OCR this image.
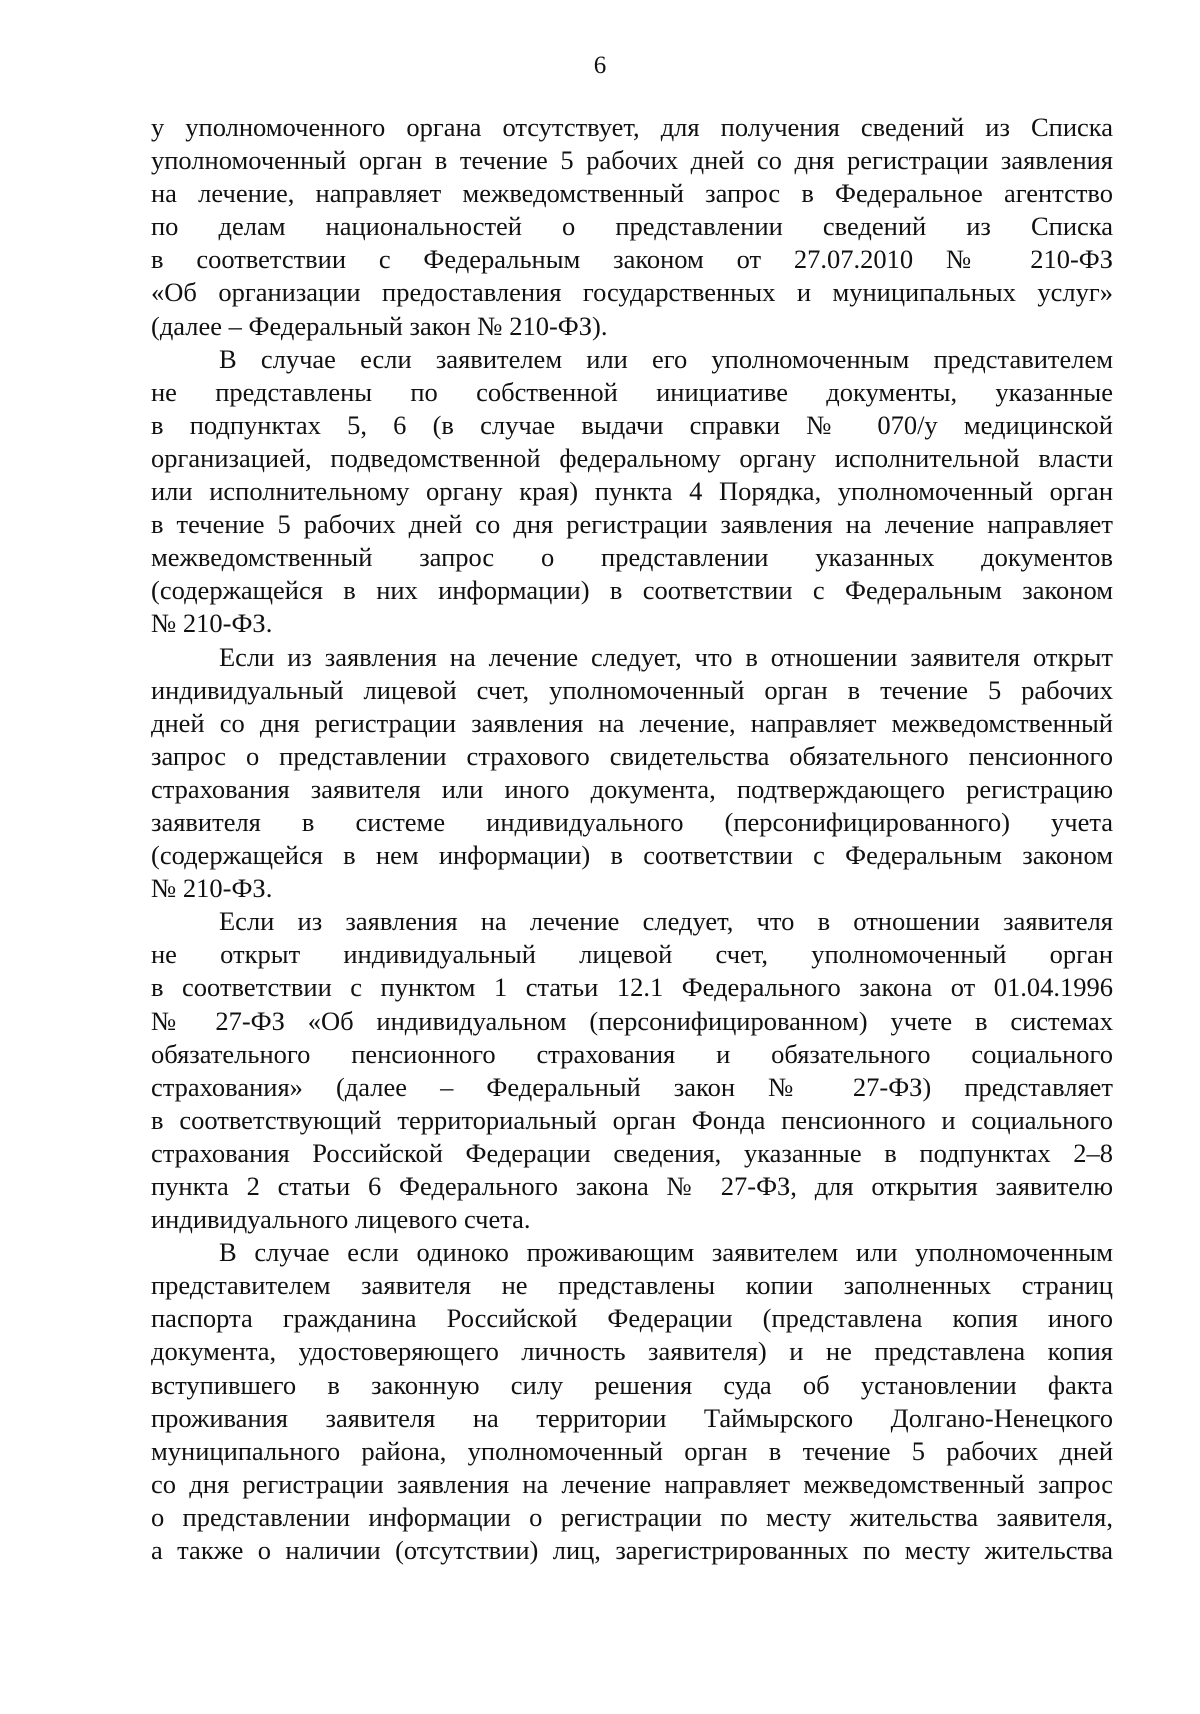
6
у уполномоченного органа отсутствует, для получения сведений из Списка
уполномоченный орган в течение 5 рабочих дней со дня регистрации заявления
на лечение, направляет межведомственный запрос в Федеральное агентство
по делам национальностей о представлении сведений из Списка
в соответствии с Федеральным законом от 27.07.2010 № 210-ФЗ
«Об организации предоставления государственных и муниципальных услуг»
(далее – Федеральный закон № 210-ФЗ).
В случае если заявителем или его уполномоченным представителем
не представлены по собственной инициативе документы, указанные
в подпунктах 5, 6 (в случае выдачи справки № 070/у медицинской
организацией, подведомственной федеральному органу исполнительной власти
или исполнительному органу края) пункта 4 Порядка, уполномоченный орган
в течение 5 рабочих дней со дня регистрации заявления на лечение направляет
межведомственный запрос о представлении указанных документов
(содержащейся в них информации) в соответствии с Федеральным законом
№ 210-ФЗ.
Если из заявления на лечение следует, что в отношении заявителя открыт
индивидуальный лицевой счет, уполномоченный орган в течение 5 рабочих
дней со дня регистрации заявления на лечение, направляет межведомственный
запрос о представлении страхового свидетельства обязательного пенсионного
страхования заявителя или иного документа, подтверждающего регистрацию
заявителя в системе индивидуального (персонифицированного) учета
(содержащейся в нем информации) в соответствии с Федеральным законом
№ 210-ФЗ.
Если из заявления на лечение следует, что в отношении заявителя
не открыт индивидуальный лицевой счет, уполномоченный орган
в соответствии с пунктом 1 статьи 12.1 Федерального закона от 01.04.1996
№ 27-ФЗ «Об индивидуальном (персонифицированном) учете в системах
обязательного пенсионного страхования и обязательного социального
страхования» (далее – Федеральный закон № 27-ФЗ) представляет
в соответствующий территориальный орган Фонда пенсионного и социального
страхования Российской Федерации сведения, указанные в подпунктах 2–8
пункта 2 статьи 6 Федерального закона № 27-ФЗ, для открытия заявителю
индивидуального лицевого счета.
В случае если одиноко проживающим заявителем или уполномоченным
представителем заявителя не представлены копии заполненных страниц
паспорта гражданина Российской Федерации (представлена копия иного
документа, удостоверяющего личность заявителя) и не представлена копия
вступившего в законную силу решения суда об установлении факта
проживания заявителя на территории Таймырского Долгано-Ненецкого
муниципального района, уполномоченный орган в течение 5 рабочих дней
со дня регистрации заявления на лечение направляет межведомственный запрос
о представлении информации о регистрации по месту жительства заявителя,
а также о наличии (отсутствии) лиц, зарегистрированных по месту жительства
